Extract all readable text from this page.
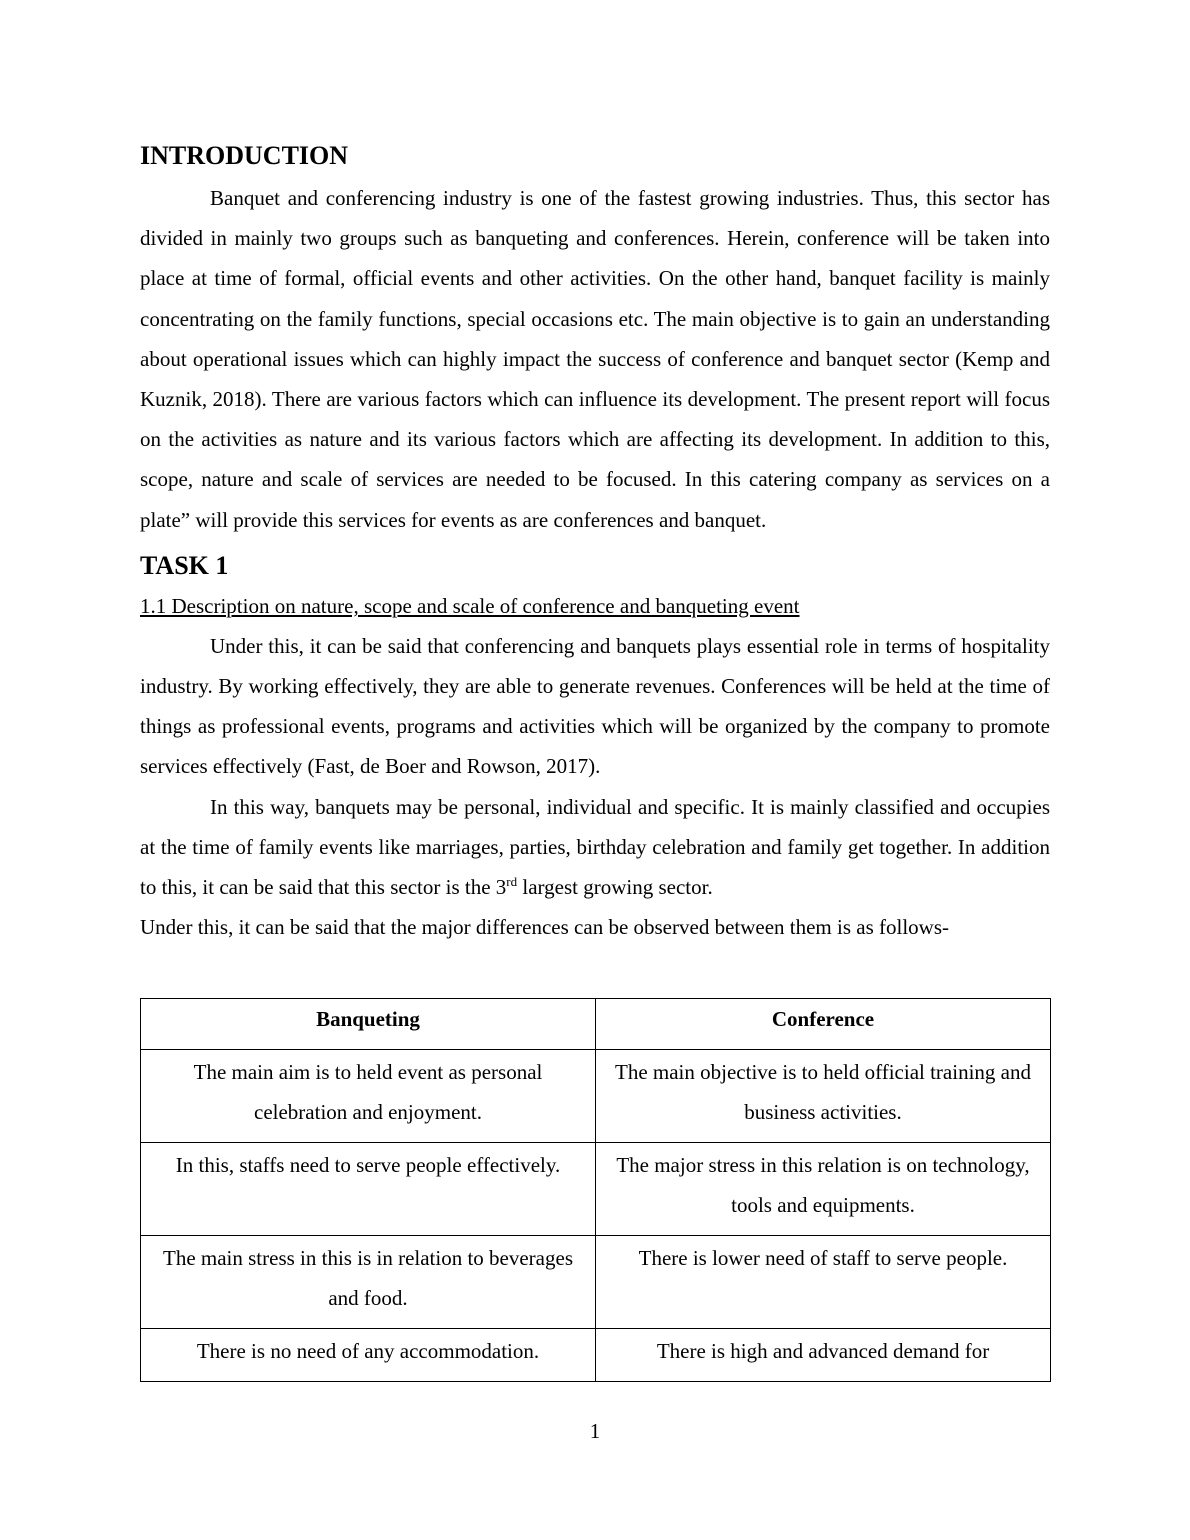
INTRODUCTION

Banquet and conferencing industry is one of the fastest growing industries. Thus, this sector has divided in mainly two groups such as banqueting and conferences. Herein, conference will be taken into place at time of formal, official events and other activities. On the other hand, banquet facility is mainly concentrating on the family functions, special occasions etc. The main objective is to gain an understanding about operational issues which can highly impact the success of conference and banquet sector (Kemp and Kuznik, 2018). There are various factors which can influence its development. The present report will focus on the activities as nature and its various factors which are affecting its development. In addition to this, scope, nature and scale of services are needed to be focused. In this catering company as services on a plate” will provide this services for events as are conferences and banquet.

TASK 1

1.1 Description on nature, scope and scale of conference and banqueting event

Under this, it can be said that conferencing and banquets plays essential role in terms of hospitality industry. By working effectively, they are able to generate revenues. Conferences will be held at the time of things as professional events, programs and activities which will be organized by the company to promote services effectively (Fast, de Boer and Rowson, 2017).

In this way, banquets may be personal, individual and specific. It is mainly classified and occupies at the time of family events like marriages, parties, birthday celebration and family get together. In addition to this, it can be said that this sector is the 3rd largest growing sector.

Under this, it can be said that the major differences can be observed between them is as follows-

Banqueting	Conference
The main aim is to held event as personal celebration and enjoyment.	The main objective is to held official training and business activities.
In this, staffs need to serve people effectively.	The major stress in this relation is on technology, tools and equipments.
The main stress in this is in relation to beverages and food.	There is lower need of staff to serve people.
There is no need of any accommodation.	There is high and advanced demand for
1
